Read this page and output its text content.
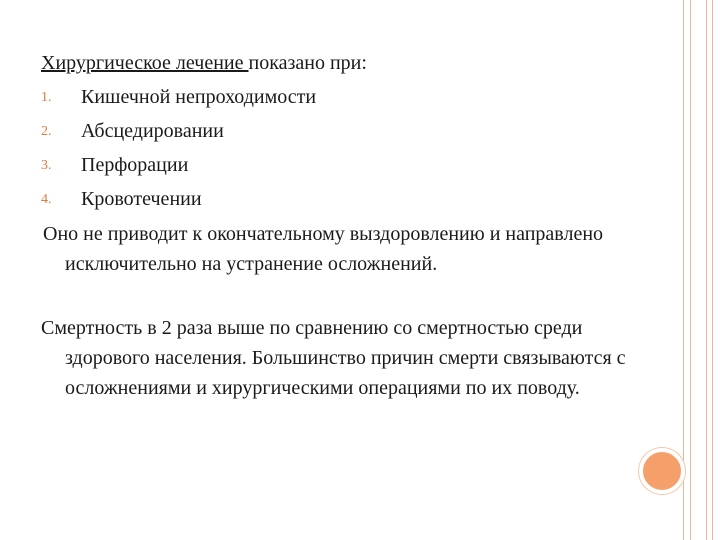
Хирургическое лечение показано при:

1. Кишечной непроходимости
2. Абсцедировании
3. Перфорации
4. Кровотечении

Оно не приводит к окончательному выздоровлению и направлено исключительно на устранение осложнений.

Смертность в 2 раза выше по сравнению со смертностью среди здорового населения. Большинство причин смерти связываются с осложнениями и хирургическими операциями по их поводу.
